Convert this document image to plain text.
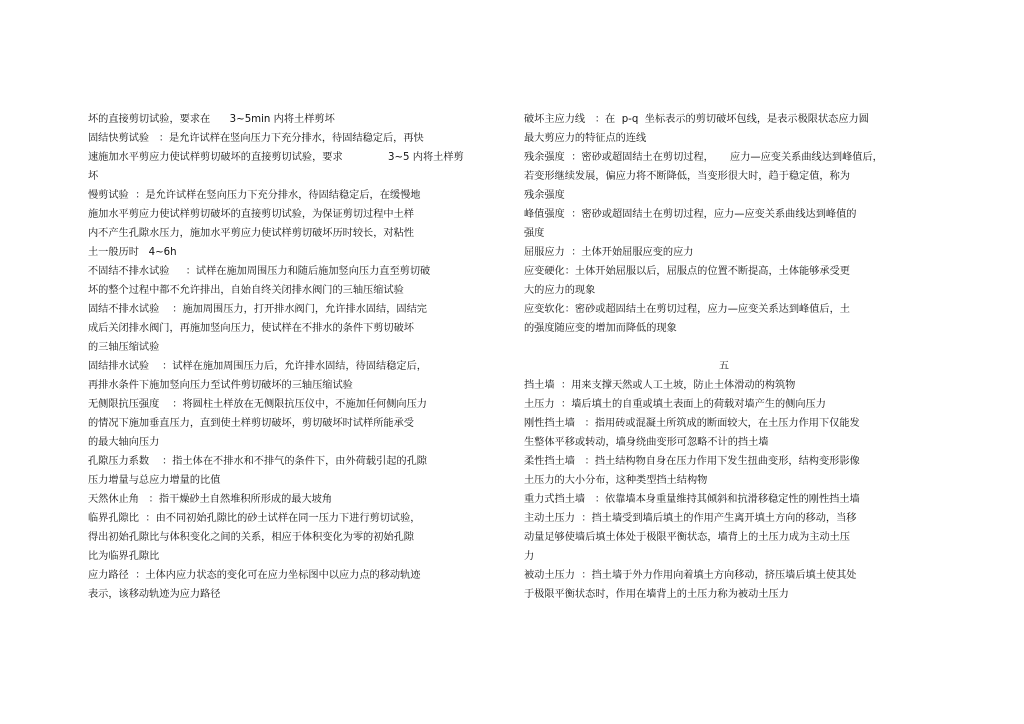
坏的直接剪切试验，要求在      3~5min 内将土样剪坏
固结快剪试验   ：是允许试样在竖向压力下充分排水，待固结稳定后，再快
速施加水平剪应力使试样剪切破坏的直接剪切试验，要求              3~5 内将土样剪
坏
慢剪试验  ：是允许试样在竖向压力下充分排水，待固结稳定后，在缓慢地
施加水平剪应力使试样剪切破坏的直接剪切试验，为保证剪切过程中土样
内不产生孔隙水压力，施加水平剪应力使试样剪切破坏历时较长，对粘性
土一般历时   4~6h
不固结不排水试验     ：试样在施加周围压力和随后施加竖向压力直至剪切破
坏的整个过程中都不允许排出，自始自终关闭排水阀门的三轴压缩试验
固结不排水试验    ：施加周围压力，打开排水阀门，允许排水固结，固结完
成后关闭排水阀门，再施加竖向压力，使试样在不排水的条件下剪切破坏
的三轴压缩试验
固结排水试验    ：试样在施加周围压力后，允许排水固结，待固结稳定后，
再排水条件下施加竖向压力至试件剪切破坏的三轴压缩试验
无侧限抗压强度    ：将圆柱土样放在无侧限抗压仪中，不施加任何侧向压力
的情况下施加垂直压力，直到使土样剪切破坏，剪切破坏时试样所能承受
的最大轴向压力
孔隙压力系数    ：指土体在不排水和不排气的条件下，由外荷载引起的孔隙
压力增量与总应力增量的比值
天然休止角   ：指干燥砂土自然堆积所形成的最大坡角
临界孔隙比  ：由不同初始孔隙比的砂土试样在同一压力下进行剪切试验，
得出初始孔隙比与体积变化之间的关系，相应于体积变化为零的初始孔隙
比为临界孔隙比
应力路径  ：土体内应力状态的变化可在应力坐标图中以应力点的移动轨迹
表示，该移动轨迹为应力路径
破坏主应力线   ：在  p-q  坐标表示的剪切破坏包线，是表示极限状态应力圆
最大剪应力的特征点的连线
残余强度  ：密砂或超固结土在剪切过程，     应力—应变关系曲线达到峰值后，
若变形继续发展，偏应力将不断降低，当变形很大时，趋于稳定值，称为
残余强度
峰值强度  ：密砂或超固结土在剪切过程，应力—应变关系曲线达到峰值的
强度
屈服应力  ：土体开始屈服应变的应力
应变硬化：土体开始屈服以后，屈服点的位置不断提高，土体能够承受更
大的应力的现象
应变软化：密砂或超固结土在剪切过程，应力—应变关系达到峰值后，土
的强度随应变的增加而降低的现象
五
挡土墙  ：用来支撑天然或人工土坡，防止土体滑动的构筑物
土压力  ：墙后填土的自重或填土表面上的荷载对墙产生的侧向压力
刚性挡土墙   ：指用砖或混凝土所筑成的断面较大，在土压力作用下仅能发
生整体平移或转动，墙身绕曲变形可忽略不计的挡土墙
柔性挡土墙   ：挡土结构物自身在压力作用下发生扭曲变形，结构变形影像
土压力的大小分布，这种类型挡土结构物
重力式挡土墙   ：依靠墙本身重量维持其倾斜和抗滑移稳定性的刚性挡土墙
主动土压力  ：挡土墙受到墙后填土的作用产生离开填土方向的移动，当移
动量足够使墙后填土体处于极限平衡状态，墙背上的土压力成为主动土压
力
被动土压力  ：挡土墙于外力作用向着填土方向移动，挤压墙后填土使其处
于极限平衡状态时，作用在墙背上的土压力称为被动土压力
